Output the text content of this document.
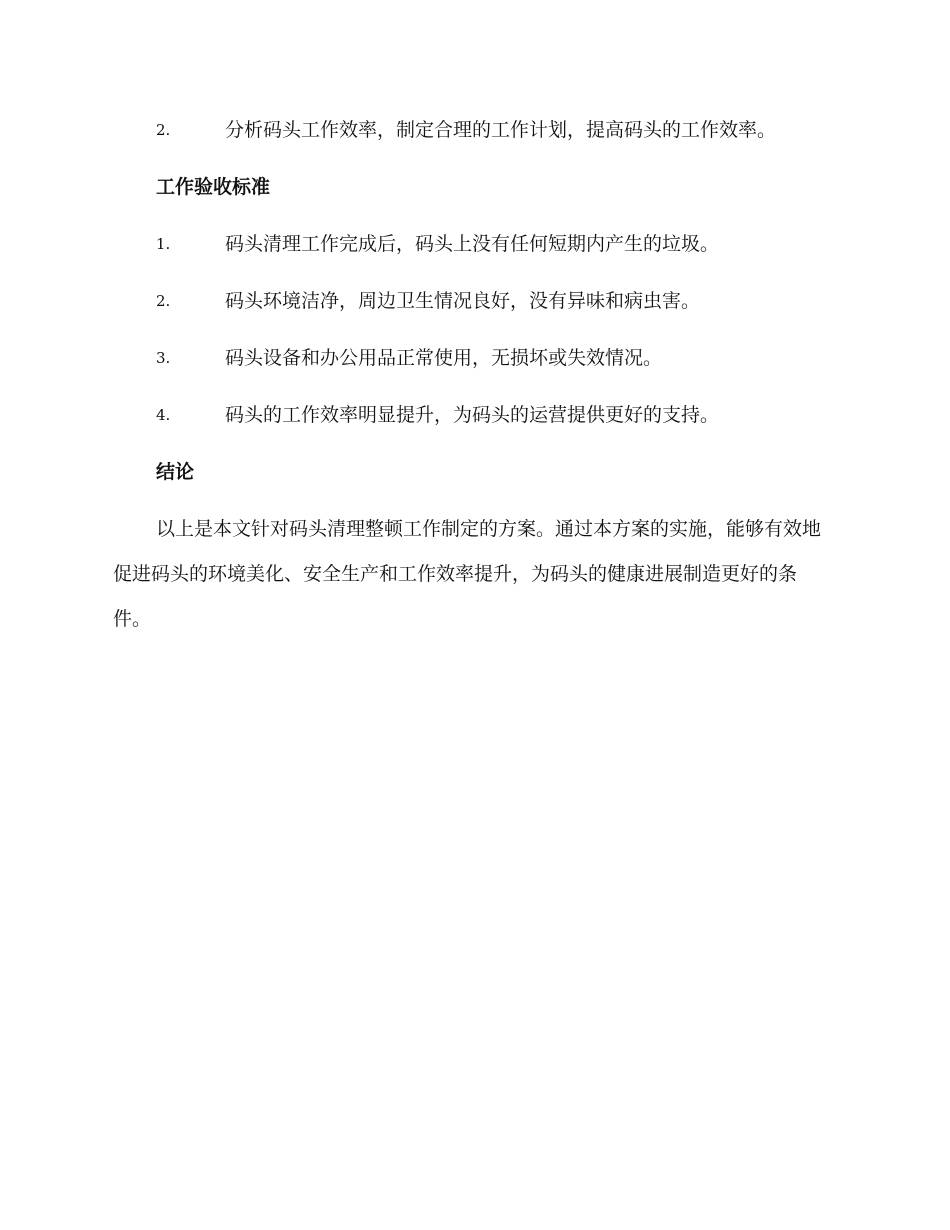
2.	分析码头工作效率，制定合理的工作计划，提高码头的工作效率。
工作验收标准
1.	码头清理工作完成后，码头上没有任何短期内产生的垃圾。
2.	码头环境洁净，周边卫生情况良好，没有异味和病虫害。
3.	码头设备和办公用品正常使用，无损坏或失效情况。
4.	码头的工作效率明显提升，为码头的运营提供更好的支持。
结论

以上是本文针对码头清理整顿工作制定的方案。通过本方案的实施，能够有效地促进码头的环境美化、安全生产和工作效率提升，为码头的健康进展制造更好的条件。
